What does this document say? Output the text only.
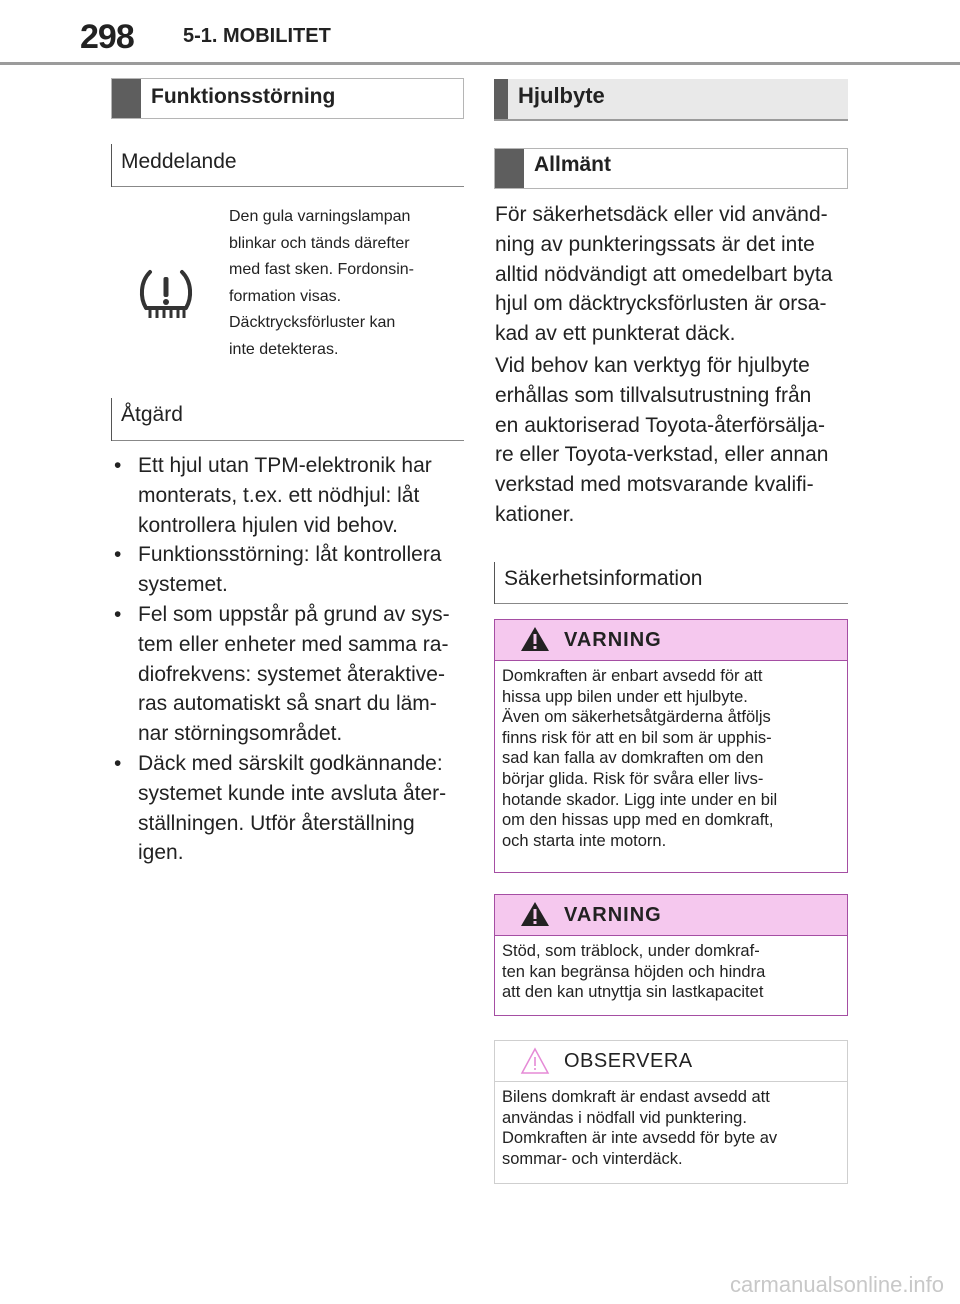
298 5-1. MOBILITET
Funktionsstörning
Meddelande
Den gula varningslampan
blinkar och tänds därefter
med fast sken. Fordonsin-
formation visas.
Däcktrycksförluster kan
inte detekteras.
Åtgärd
• Ett hjul utan TPM-elektronik har
monterats, t.ex. ett nödhjul: låt
kontrollera hjulen vid behov.
• Funktionsstörning: låt kontrollera
systemet.
• Fel som uppstår på grund av sys-
tem eller enheter med samma ra-
diofrekvens: systemet återaktive-
ras automatiskt så snart du läm-
nar störningsområdet.
• Däck med särskilt godkännande:
systemet kunde inte avsluta åter-
ställningen. Utför återställning
igen.
Hjulbyte
Allmänt
För säkerhetsdäck eller vid använd-
ning av punkteringssats är det inte
alltid nödvändigt att omedelbart byta
hjul om däcktrycksförlusten är orsa-
kad av ett punkterat däck.
Vid behov kan verktyg för hjulbyte
erhållas som tillvalsutrustning från
en auktoriserad Toyota-återförsälja-
re eller Toyota-verkstad, eller annan
verkstad med motsvarande kvalifi-
kationer.
Säkerhetsinformation
VARNING
Domkraften är enbart avsedd för att
hissa upp bilen under ett hjulbyte.
Även om säkerhetsåtgärderna åtföljs
finns risk för att en bil som är upphis-
sad kan falla av domkraften om den
börjar glida. Risk för svåra eller livs-
hotande skador. Ligg inte under en bil
om den hissas upp med en domkraft,
och starta inte motorn.
VARNING
Stöd, som träblock, under domkraf-
ten kan begränsa höjden och hindra
att den kan utnyttja sin lastkapacitet
OBSERVERA
Bilens domkraft är endast avsedd att
användas i nödfall vid punktering.
Domkraften är inte avsedd för byte av
sommar- och vinterdäck.
carmanualsonline.info
